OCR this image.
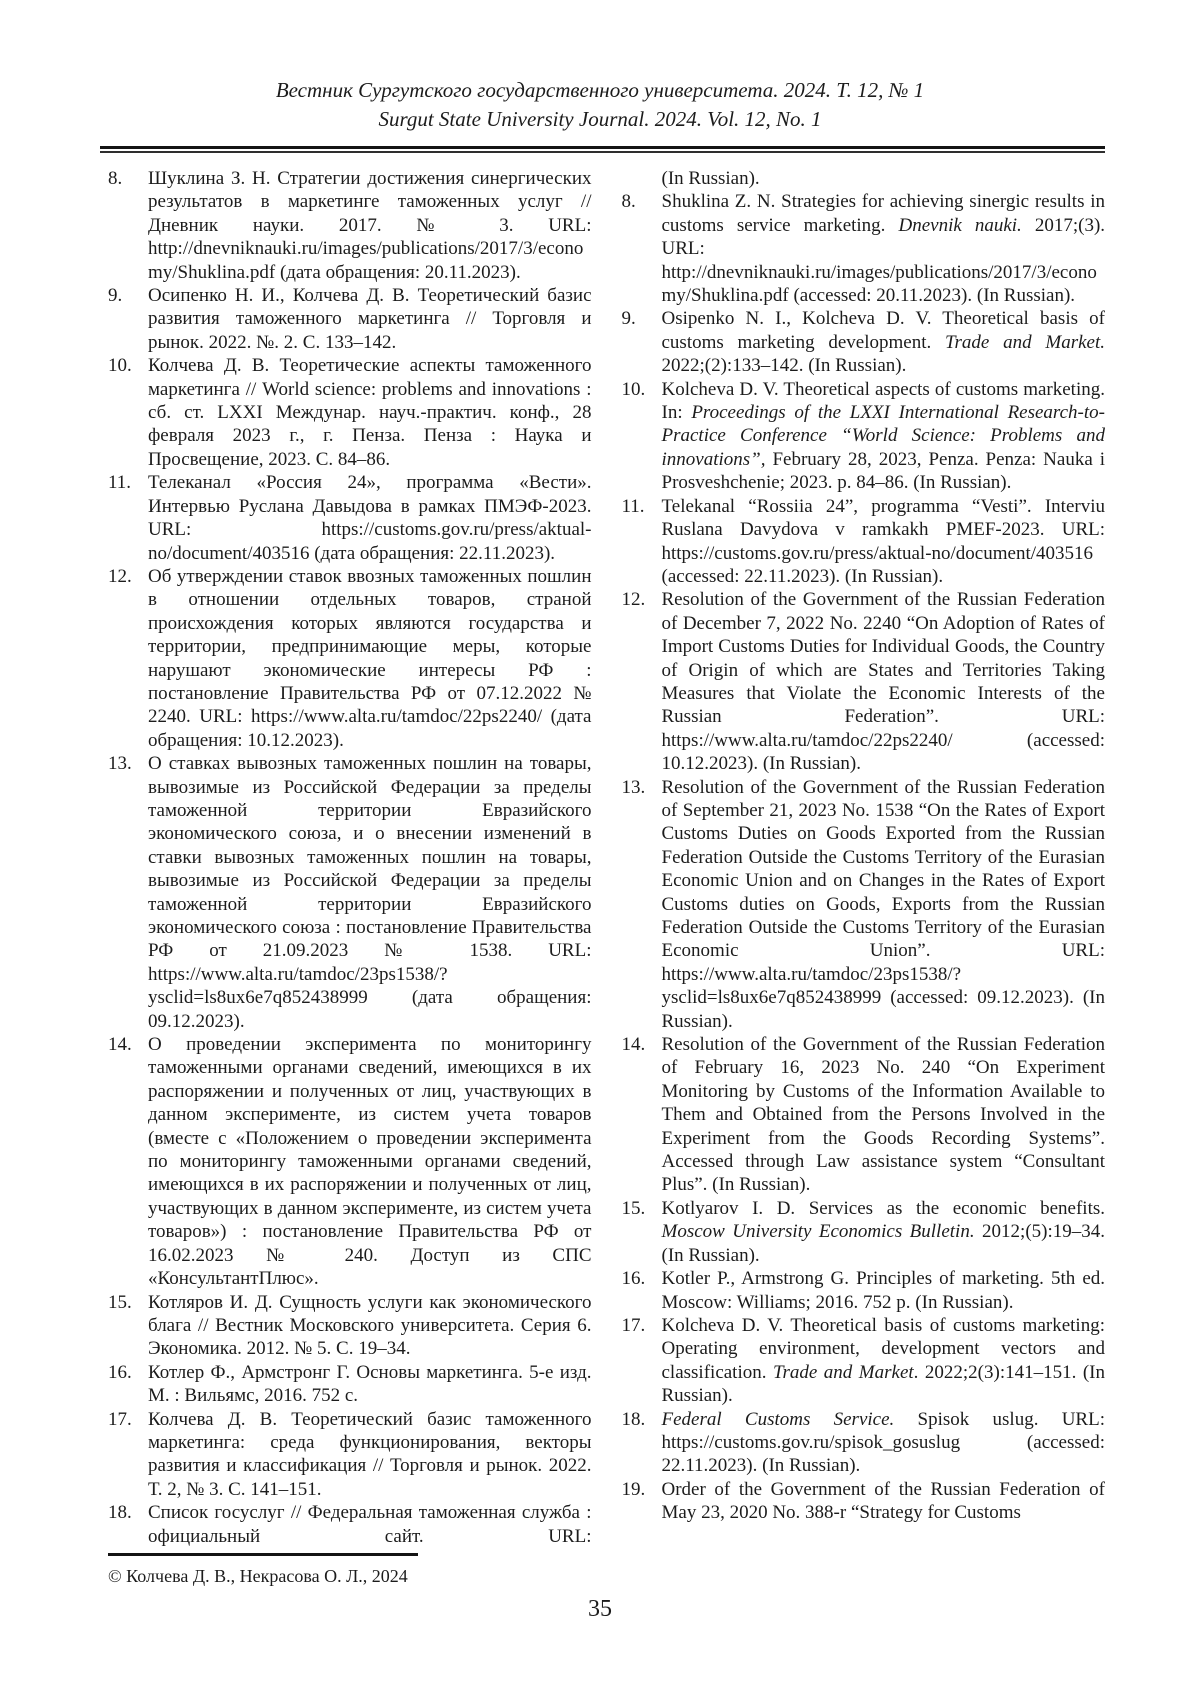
Вестник Сургутского государственного университета. 2024. Т. 12, № 1
Surgut State University Journal. 2024. Vol. 12, No. 1
8.	Шуклина З. Н. Стратегии достижения синергических результатов в маркетинге таможенных услуг // Дневник науки. 2017. № 3. URL: http://dnevniknauki.ru/images/publications/2017/3/economy/Shuklina.pdf (дата обращения: 20.11.2023).
9.	Осипенко Н. И., Колчева Д. В. Теоретический базис развития таможенного маркетинга // Торговля и рынок. 2022. №. 2. С. 133–142.
10. Колчева Д. В. Теоретические аспекты таможенного маркетинга // World science: problems and innovations : сб. ст. LXXI Междунар. науч.-практич. конф., 28 февраля 2023 г., г. Пенза. Пенза : Наука и Просвещение, 2023. С. 84–86.
11. Телеканал «Россия 24», программа «Вести». Интервью Руслана Давыдова в рамках ПМЭФ-2023. URL: https://customs.gov.ru/press/aktual-no/document/403516 (дата обращения: 22.11.2023).
12. Об утверждении ставок ввозных таможенных пошлин в отношении отдельных товаров, страной происхождения которых являются государства и территории, предпринимающие меры, которые нарушают экономические интересы РФ : постановление Правительства РФ от 07.12.2022 № 2240. URL: https://www.alta.ru/tamdoc/22ps2240/ (дата обращения: 10.12.2023).
13. О ставках вывозных таможенных пошлин на товары, вывозимые из Российской Федерации за пределы таможенной территории Евразийского экономического союза, и о внесении изменений в ставки вывозных таможенных пошлин на товары, вывозимые из Российской Федерации за пределы таможенной территории Евразийского экономического союза : постановление Правительства РФ от 21.09.2023 № 1538. URL: https://www.alta.ru/tamdoc/23ps1538/?ysclid=ls8ux6e7q852438999 (дата обращения: 09.12.2023).
14. О проведении эксперимента по мониторингу таможенными органами сведений, имеющихся в их распоряжении и полученных от лиц, участвующих в данном эксперименте, из систем учета товаров (вместе с «Положением о проведении эксперимента по мониторингу таможенными органами сведений, имеющихся в их распоряжении и полученных от лиц, участвующих в данном эксперименте, из систем учета товаров») : постановление Правительства РФ от 16.02.2023 № 240. Доступ из СПС «КонсультантПлюс».
15. Котляров И. Д. Сущность услуги как экономического блага // Вестник Московского университета. Серия 6. Экономика. 2012. № 5. С. 19–34.
16. Котлер Ф., Армстронг Г. Основы маркетинга. 5-е изд. М. : Вильямс, 2016. 752 с.
17. Колчева Д. В. Теоретический базис таможенного маркетинга: среда функционирования, векторы развития и классификация // Торговля и рынок. 2022. Т. 2, № 3. С. 141–151.
18. Список госуслуг // Федеральная таможенная служба : официальный сайт. URL:
(In Russian).
8.	Shuklina Z. N. Strategies for achieving sinergic results in customs service marketing. Dnevnik nauki. 2017;(3). URL: http://dnevniknauki.ru/images/publications/2017/3/economy/Shuklina.pdf (accessed: 20.11.2023). (In Russian).
9.	Osipenko N. I., Kolcheva D. V. Theoretical basis of customs marketing development. Trade and Market. 2022;(2):133–142. (In Russian).
10. Kolcheva D. V. Theoretical aspects of customs marketing. In: Proceedings of the LXXI International Research-to-Practice Conference “World Science: Problems and innovations”, February 28, 2023, Penza. Penza: Nauka i Prosveshchenie; 2023. p. 84–86. (In Russian).
11. Telekanal “Rossiia 24”, programma “Vesti”. Interviu Ruslana Davydova v ramkakh PMEF-2023. URL: https://customs.gov.ru/press/aktual-no/document/403516 (accessed: 22.11.2023). (In Russian).
12. Resolution of the Government of the Russian Federation of December 7, 2022 No. 2240 “On Adoption of Rates of Import Customs Duties for Individual Goods, the Country of Origin of which are States and Territories Taking Measures that Violate the Economic Interests of the Russian Federation”. URL: https://www.alta.ru/tamdoc/22ps2240/ (accessed: 10.12.2023). (In Russian).
13. Resolution of the Government of the Russian Federation of September 21, 2023 No. 1538 “On the Rates of Export Customs Duties on Goods Exported from the Russian Federation Outside the Customs Territory of the Eurasian Economic Union and on Changes in the Rates of Export Customs duties on Goods, Exports from the Russian Federation Outside the Customs Territory of the Eurasian Economic Union”. URL: https://www.alta.ru/tamdoc/23ps1538/?ysclid=ls8ux6e7q852438999 (accessed: 09.12.2023). (In Russian).
14. Resolution of the Government of the Russian Federation of February 16, 2023 No. 240 “On Experiment Monitoring by Customs of the Information Available to Them and Obtained from the Persons Involved in the Experiment from the Goods Recording Systems”. Accessed through Law assistance system “Consultant Plus”. (In Russian).
15. Kotlyarov I. D. Services as the economic benefits. Moscow University Economics Bulletin. 2012;(5):19–34. (In Russian).
16. Kotler P., Armstrong G. Principles of marketing. 5th ed. Moscow: Williams; 2016. 752 p. (In Russian).
17. Kolcheva D. V. Theoretical basis of customs marketing: Operating environment, development vectors and classification. Trade and Market. 2022;2(3):141–151. (In Russian).
18. Federal Customs Service. Spisok uslug. URL: https://customs.gov.ru/spisok_gosuslug (accessed: 22.11.2023). (In Russian).
19. Order of the Government of the Russian Federation of May 23, 2020 No. 388-r “Strategy for Customs
© Колчева Д. В., Некрасова О. Л., 2024
35
